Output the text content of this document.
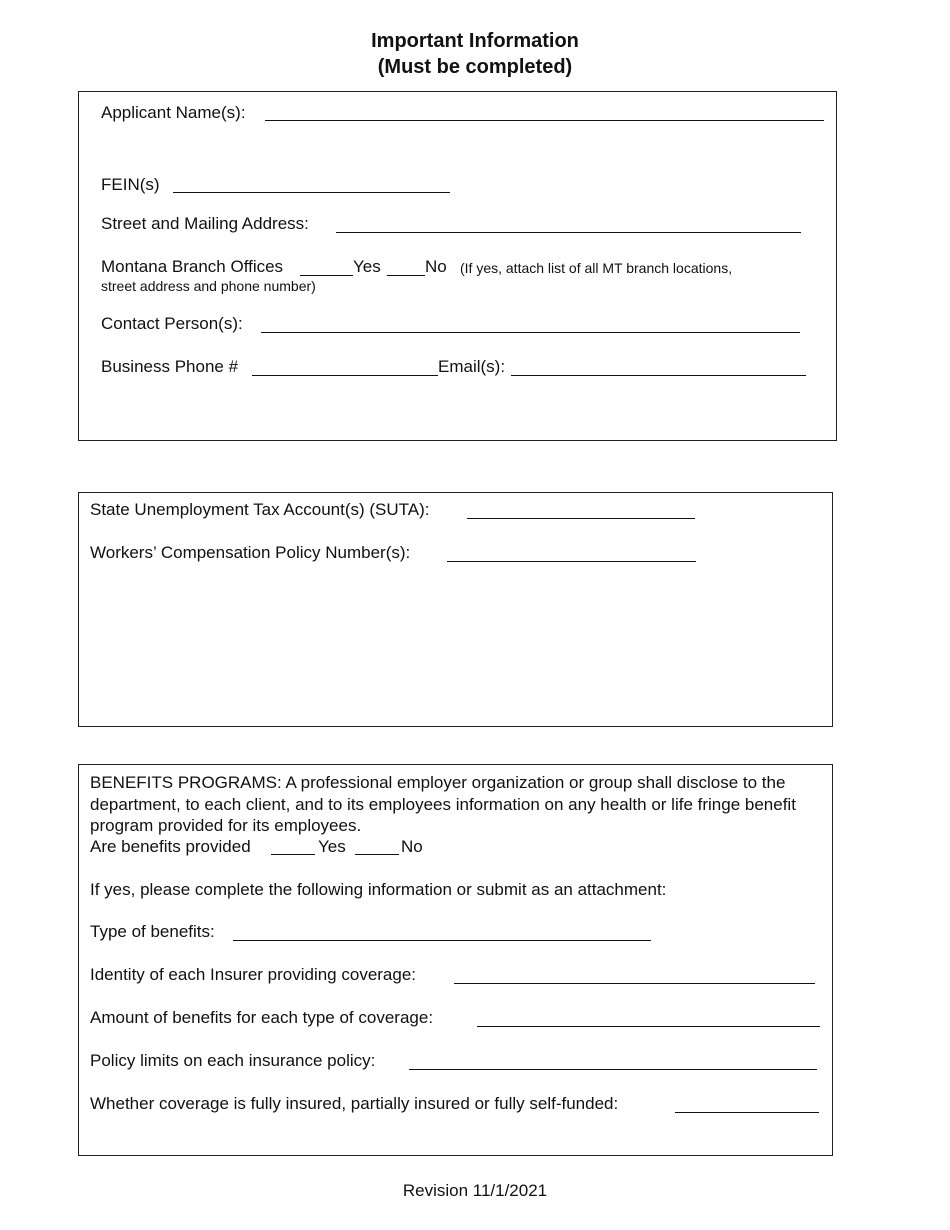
Important Information
(Must be completed)
Applicant Name(s):
FEIN(s)
Street and Mailing Address:
Montana Branch Offices	Yes	No (If yes, attach list of all MT branch locations,
street address and phone number)
Contact Person(s):
Business Phone #	Email(s):
State Unemployment Tax Account(s) (SUTA):
Workers’ Compensation Policy Number(s):
BENEFITS PROGRAMS: A professional employer organization or group shall disclose to the department, to each client, and to its employees information on any health or life fringe benefit program provided for its employees.
Are benefits provided	Yes	No
If yes, please complete the following information or submit as an attachment:
Type of benefits:
Identity of each Insurer providing coverage:
Amount of benefits for each type of coverage:
Policy limits on each insurance policy:
Whether coverage is fully insured, partially insured or fully self-funded:
Revision 11/1/2021
